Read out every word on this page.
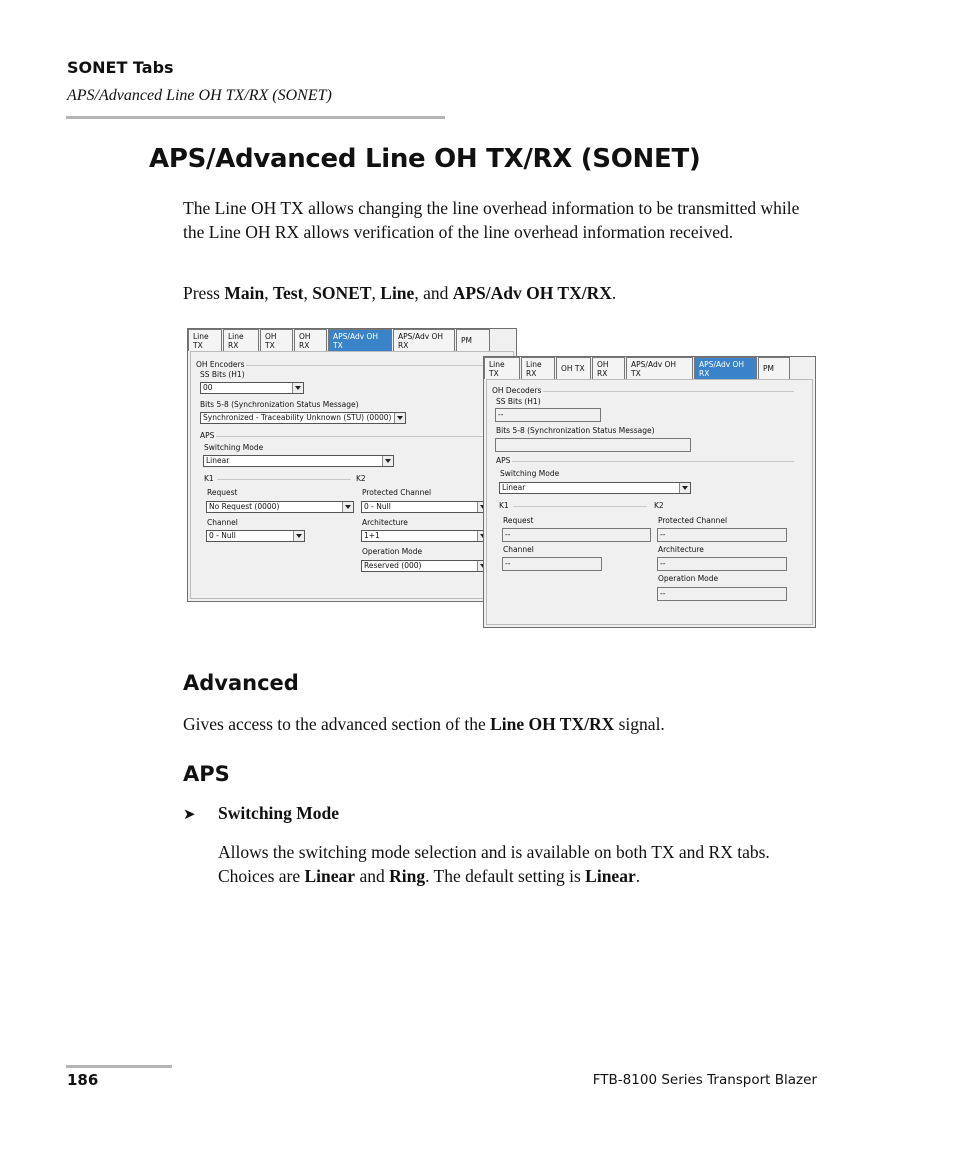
SONET Tabs
APS/Advanced Line OH TX/RX (SONET)
APS/Advanced Line OH TX/RX (SONET)
The Line OH TX allows changing the line overhead information to be transmitted while the Line OH RX allows verification of the line overhead information received.
Press Main, Test, SONET, Line, and APS/Adv OH TX/RX.
Line TX
Line RX
OH TX
OH RX
APS/Adv OH TX
APS/Adv OH RX	PM
OH Encoders
SS Bits (H1)
00
Bits 5-8 (Synchronization Status Message)
Synchronized - Traceability Unknown (STU) (0000)
APS
Switching Mode
Linear
K1	K2
Request
No Request (0000)
Channel
0 - Null
Protected Channel
0 - Null
Architecture
1+1
Operation Mode
Reserved (000)
Line TX
Line RX	OH TX	OH RX
APS/Adv OH TX
APS/Adv OH RX	PM
OH Decoders
SS Bits (H1)
--
Bits 5-8 (Synchronization Status Message)
APS
Switching Mode
Linear
K1	K2
Request
--
Channel
--
Protected Channel
--
Architecture
--
Operation Mode
--
Advanced
Gives access to the advanced section of the Line OH TX/RX signal.
APS
➤ Switching Mode
Allows the switching mode selection and is available on both TX and RX tabs. Choices are Linear and Ring. The default setting is Linear.
186	FTB-8100 Series Transport Blazer
